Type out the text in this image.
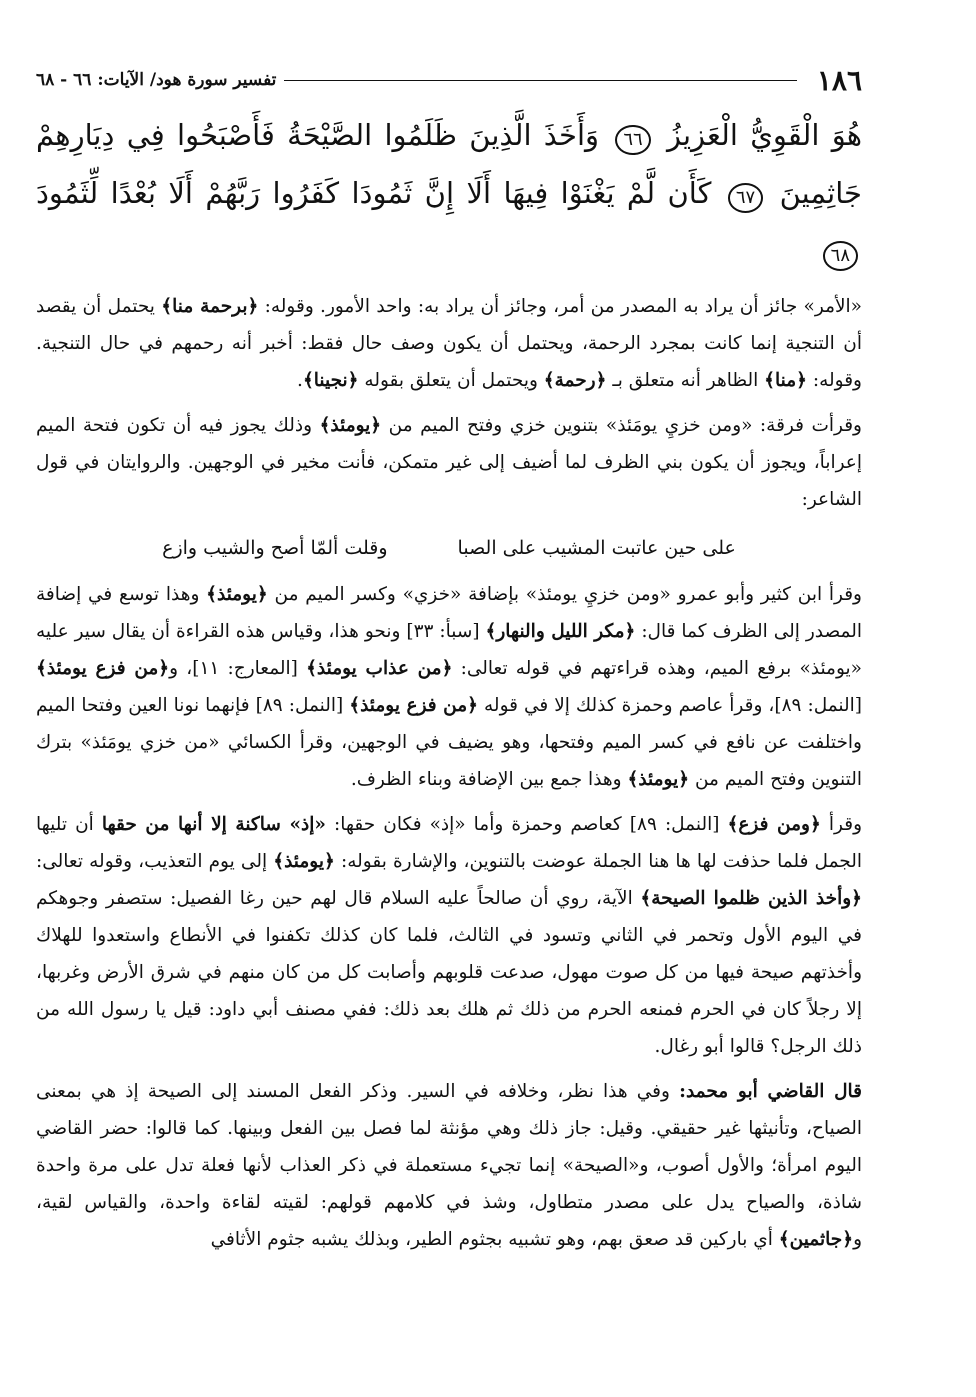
١٨٦
تفسير سورة هود/ الآيات: ٦٦ - ٦٨
هُوَ الْقَوِيُّ الْعَزِيزُ ٦٦ وَأَخَذَ الَّذِينَ ظَلَمُوا الصَّيْحَةُ فَأَصْبَحُوا فِي دِيَارِهِمْ جَاثِمِينَ ٦٧ كَأَن لَّمْ يَغْنَوْا فِيهَا أَلَا إِنَّ ثَمُودَا كَفَرُوا رَبَّهُمْ أَلَا بُعْدًا لِّثَمُودَ ٦٨

«الأمر» جائز أن يراد به المصدر من أمر، وجائز أن يراد به: واحد الأمور. وقوله: ﴿برحمة منا﴾ يحتمل أن يقصد أن التنجية إنما كانت بمجرد الرحمة، ويحتمل أن يكون وصف حال فقط: أخبر أنه رحمهم في حال التنجية. وقوله: ﴿منا﴾ الظاهر أنه متعلق بـ ﴿رحمة﴾ ويحتمل أن يتعلق بقوله ﴿نجينا﴾.

وقرأت فرقة: «ومن خزيِ يومَئذ» بتنوين خزي وفتح الميم من ﴿يومئذ﴾ وذلك يجوز فيه أن تكون فتحة الميم إعراباً، ويجوز أن يكون بني الظرف لما أضيف إلى غير متمكن، فأنت مخير في الوجهين. والروايتان في قول الشاعر:

على حين عاتبت المشيب على الصبا
وقلت ألمّا أصح والشيب وازع

وقرأ ابن كثير وأبو عمرو «ومن خزيِ يومئذ» بإضافة «خزي» وكسر الميم من ﴿يومئذ﴾ وهذا توسع في إضافة المصدر إلى الظرف كما قال: ﴿مكر الليل والنهار﴾ [سبأ: ٣٣] ونحو هذا، وقياس هذه القراءة أن يقال سير عليه «يومئذ» برفع الميم، وهذه قراءتهم في قوله تعالى: ﴿من عذاب يومئذ﴾ [المعارج: ١١]، و﴿من فزع يومئذ﴾ [النمل: ٨٩]، وقرأ عاصم وحمزة كذلك إلا في قوله ﴿من فزع يومئذ﴾ [النمل: ٨٩] فإنهما نونا العين وفتحا الميم واختلفت عن نافع في كسر الميم وفتحها، وهو يضيف في الوجهين، وقرأ الكسائي «من خزي يومَئذ» بترك التنوين وفتح الميم من ﴿يومئذ﴾ وهذا جمع بين الإضافة وبناء الظرف.

وقرأ ﴿ومن فزع﴾ [النمل: ٨٩] كعاصم وحمزة وأما «إذ» فكان حقها: «إذ» ساكنة إلا أنها من حقها أن تليها الجمل فلما حذفت لها ها هنا الجملة عوضت بالتنوين، والإشارة بقوله: ﴿يومئذ﴾ إلى يوم التعذيب، وقوله تعالى: ﴿وأخذ الذين ظلموا الصيحة﴾ الآية، روي أن صالحاً عليه السلام قال لهم حين رغا الفصيل: ستصفر وجوهكم في اليوم الأول وتحمر في الثاني وتسود في الثالث، فلما كان كذلك تكفنوا في الأنطاع واستعدوا للهلاك وأخذتهم صيحة فيها من كل صوت مهول، صدعت قلوبهم وأصابت كل من كان منهم في شرق الأرض وغربها، إلا رجلاً كان في الحرم فمنعه الحرم من ذلك ثم هلك بعد ذلك: ففي مصنف أبي داود: قيل يا رسول الله من ذلك الرجل؟ قالوا أبو رغال.

قال القاضي أبو محمد: وفي هذا نظر، وخلافه في السير. وذكر الفعل المسند إلى الصيحة إذ هي بمعنى الصياح، وتأنيثها غير حقيقي. وقيل: جاز ذلك وهي مؤنثة لما فصل بين الفعل وبينها. كما قالوا: حضر القاضي اليوم امرأة؛ والأول أصوب، و«الصيحة» إنما تجيء مستعملة في ذكر العذاب لأنها فعلة تدل على مرة واحدة شاذة، والصياح يدل على مصدر متطاول، وشذ في كلامهم قولهم: لقيته لقاءة واحدة، والقياس لقية، و﴿جاثمين﴾ أي باركين قد صعق بهم، وهو تشبيه بجثوم الطير، وبذلك يشبه جثوم الأثافي
